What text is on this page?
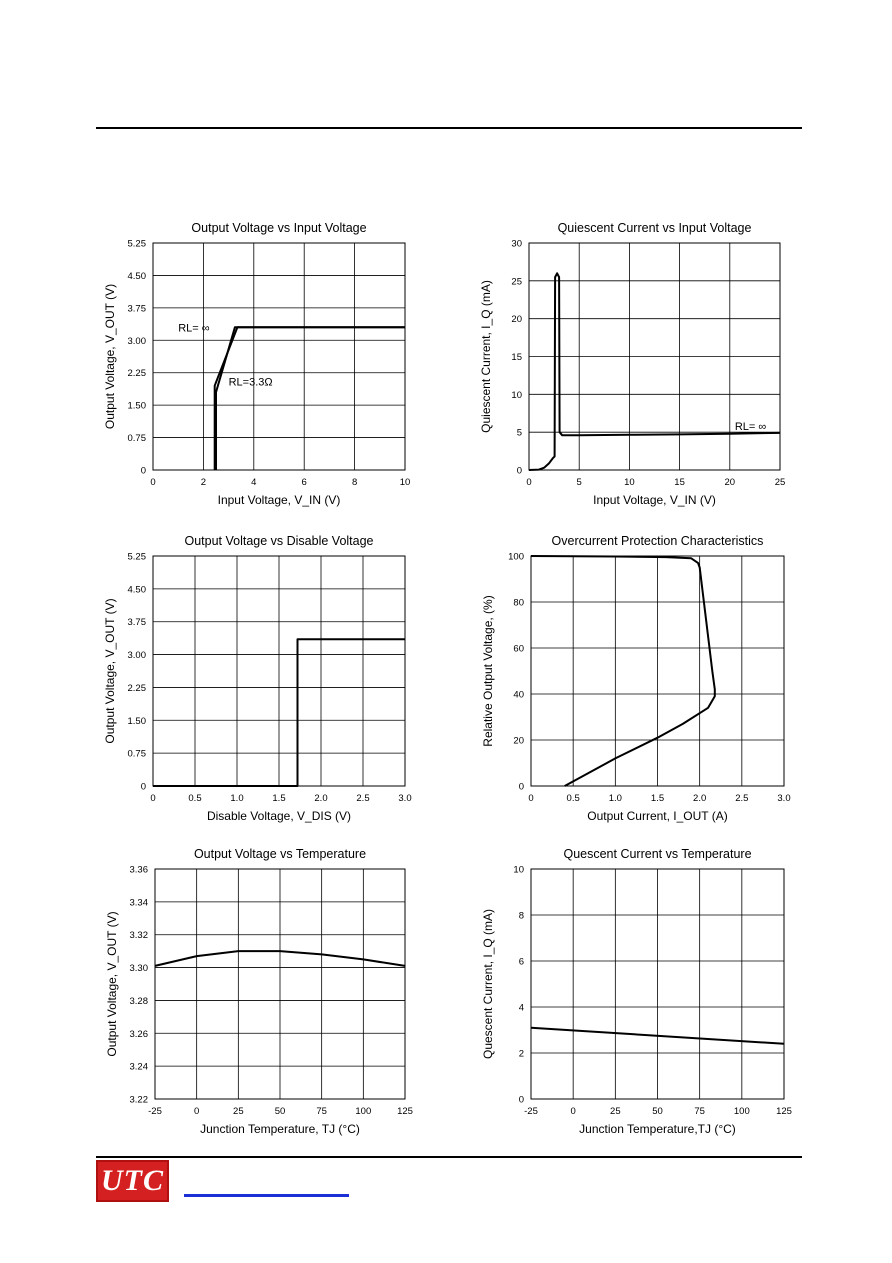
0	2	4	6	8	10
0
0.75
1.50
2.25
3.00
3.75
4.50
5.25
Output Voltage vs Input Voltage
Input Voltage, V_IN (V)
Output Voltage, V_OUT (V)	RL= ∞
RL=3.3Ω
0	5	10	15	20	25
0
5
10
15
20
25
30
Quiescent Current vs Input Voltage
Input Voltage, V_IN (V)
Quiescent Current, I_Q (mA)	RL= ∞
0	0.5	1.0	1.5	2.0	2.5	3.0
0
0.75
1.50
2.25
3.00
3.75
4.50
5.25
Output Voltage vs Disable Voltage
Disable Voltage, V_DIS (V)
Output Voltage, V_OUT (V)
0	0.5	1.0	1.5	2.0	2.5	3.0
0
20
40
60
80
100
Overcurrent Protection Characteristics
Output Current, I_OUT (A)
Relative Output Voltage, (%)
-25	0	25	50	75	100	125
3.22
3.24
3.26
3.28
3.30
3.32
3.34
3.36
Output Voltage vs Temperature
Junction Temperature, TJ (°C)
Output Voltage, V_OUT (V)
-25	0	25	50	75	100	125
0
2
4
6
8
10
Quescent Current vs Temperature
Junction Temperature,TJ (°C)
Quescent Current, I_Q (mA)
UTC
